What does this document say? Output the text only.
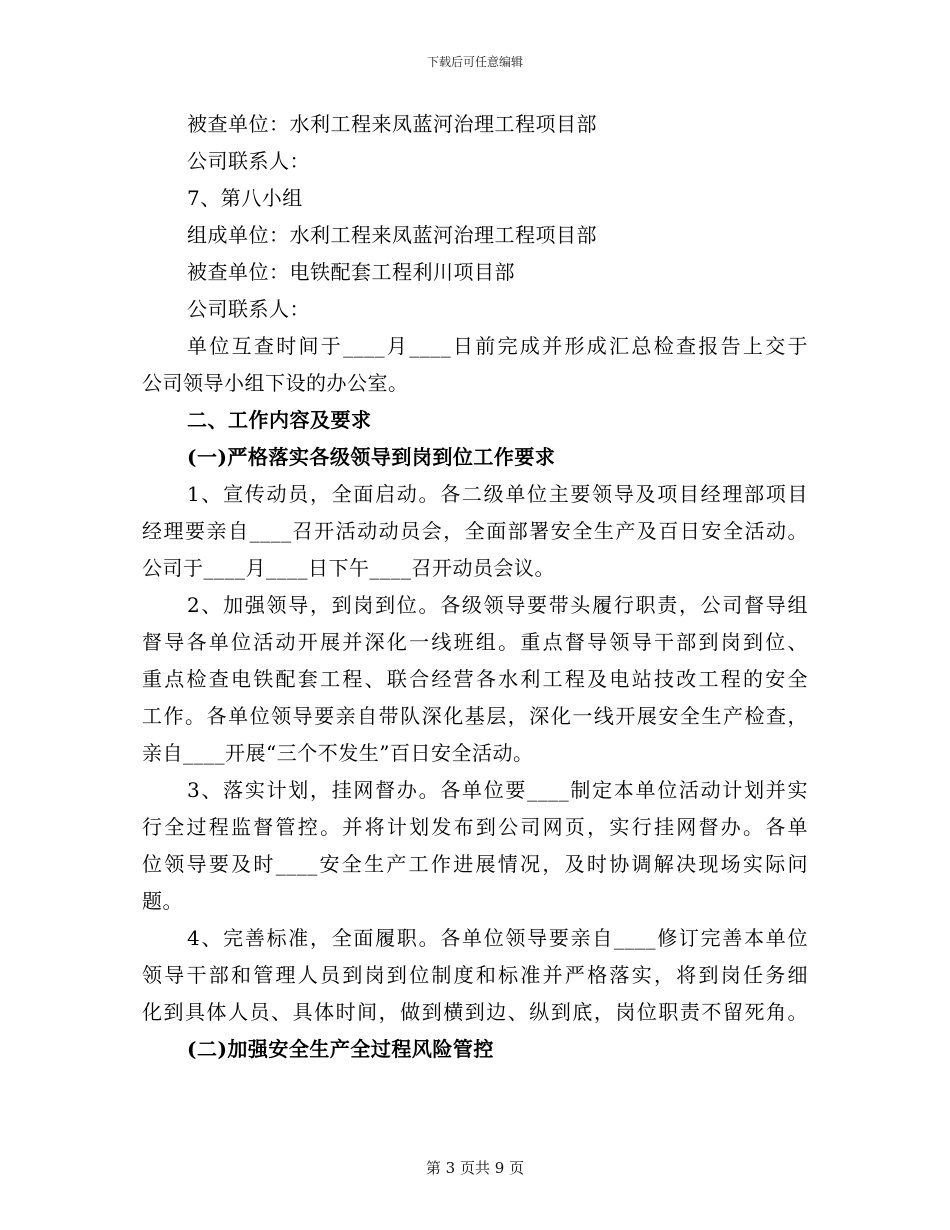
下载后可任意编辑
被查单位：水利工程来凤蓝河治理工程项目部
公司联系人：
7、第八小组
组成单位：水利工程来凤蓝河治理工程项目部
被查单位：电铁配套工程利川项目部
公司联系人：
单位互查时间于____月____日前完成并形成汇总检查报告上交于
公司领导小组下设的办公室。
二、工作内容及要求
(一)严格落实各级领导到岗到位工作要求
1、宣传动员，全面启动。各二级单位主要领导及项目经理部项目
经理要亲自____召开活动动员会，全面部署安全生产及百日安全活动。
公司于____月____日下午____召开动员会议。
2、加强领导，到岗到位。各级领导要带头履行职责，公司督导组
督导各单位活动开展并深化一线班组。重点督导领导干部到岗到位、
重点检查电铁配套工程、联合经营各水利工程及电站技改工程的安全
工作。各单位领导要亲自带队深化基层，深化一线开展安全生产检查，
亲自____开展“三个不发生”百日安全活动。
3、落实计划，挂网督办。各单位要____制定本单位活动计划并实
行全过程监督管控。并将计划发布到公司网页，实行挂网督办。各单
位领导要及时____安全生产工作进展情况，及时协调解决现场实际问
题。
4、完善标准，全面履职。各单位领导要亲自____修订完善本单位
领导干部和管理人员到岗到位制度和标准并严格落实，将到岗任务细
化到具体人员、具体时间，做到横到边、纵到底，岗位职责不留死角。
(二)加强安全生产全过程风险管控
第 3 页共 9 页
